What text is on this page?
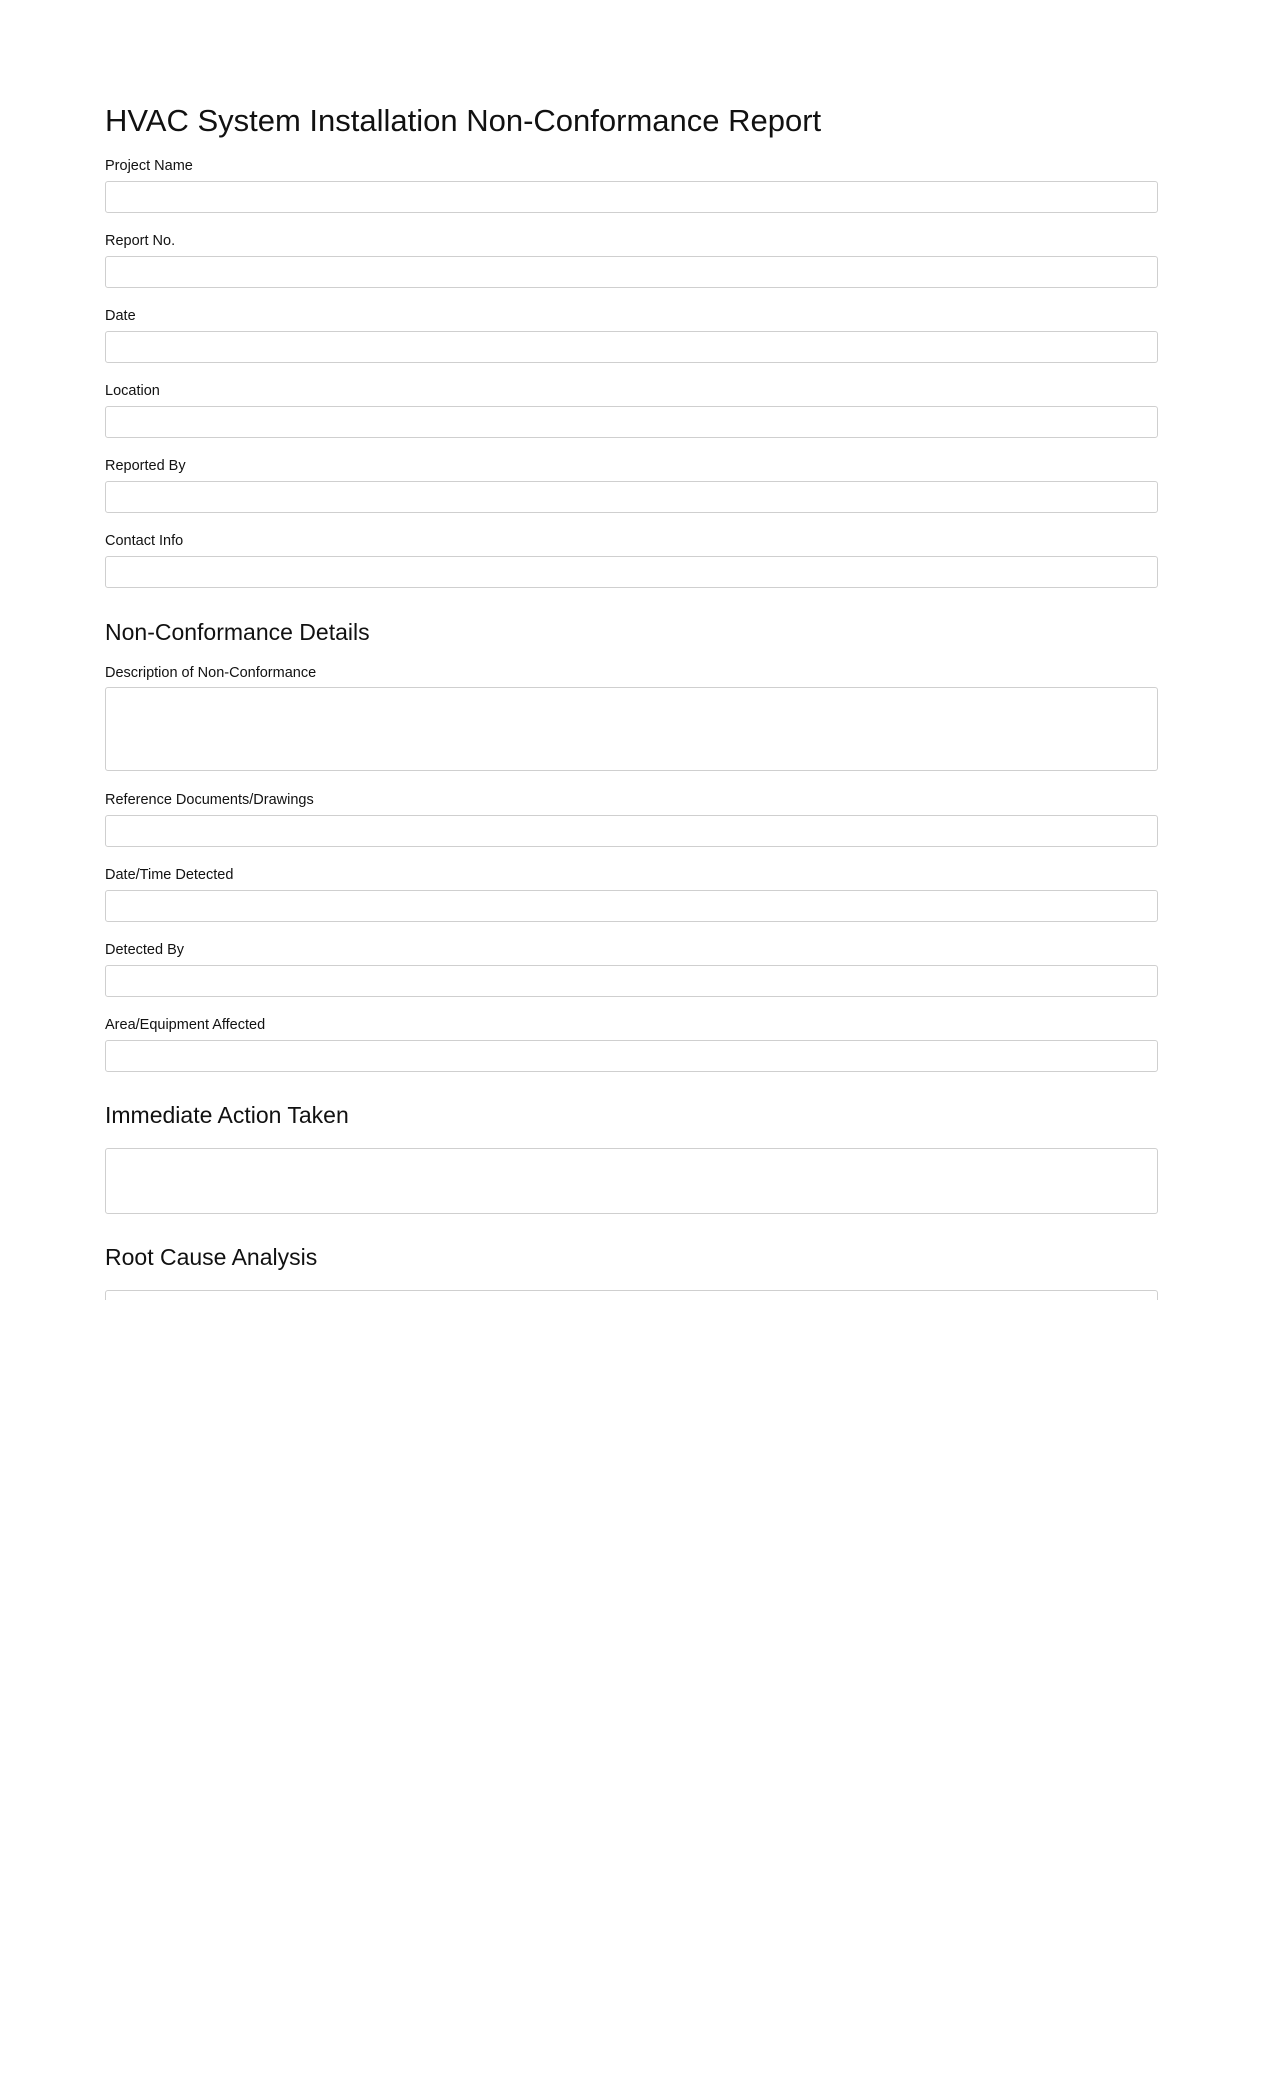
HVAC System Installation Non-Conformance Report
Project Name
Report No.
Date
Location
Reported By
Contact Info
Non-Conformance Details
Description of Non-Conformance
Reference Documents/Drawings
Date/Time Detected
Detected By
Area/Equipment Affected
Immediate Action Taken
Root Cause Analysis
